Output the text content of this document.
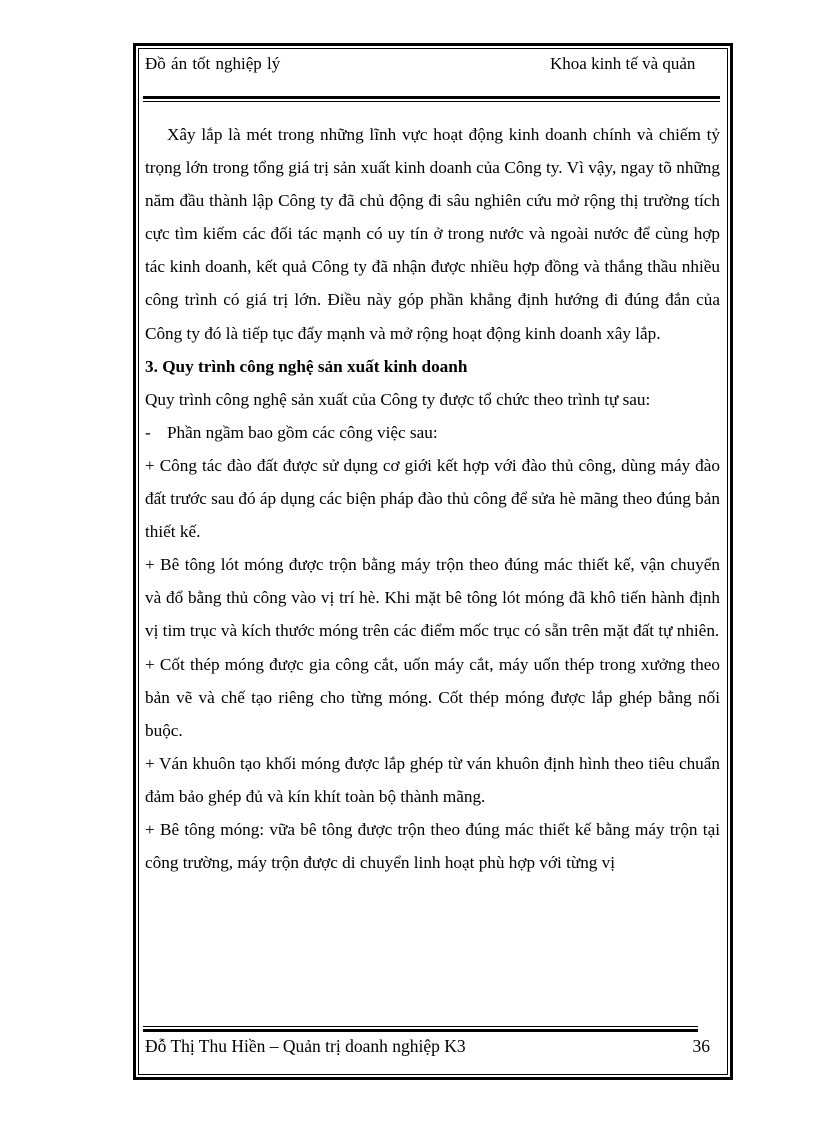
Đồ án tốt nghiệp lý	Khoa kinh tế và quản

Xây lắp là mét trong những lĩnh vực hoạt động kinh doanh chính và chiếm tỷ trọng lớn trong tổng giá trị sản xuất kinh doanh của Công ty. Vì vậy, ngay tõ những năm đầu thành lập Công ty đã chủ động đi sâu nghiên cứu mở rộng thị trường tích cực tìm kiếm các đối tác mạnh có uy tín ở trong nước và ngoài nước để cùng hợp tác kinh doanh, kết quả Công ty đã nhận được nhiều hợp đồng và thắng thầu nhiều công trình có giá trị lớn. Điều này góp phần khẳng định hướng đi đúng đắn của Công ty đó là tiếp tục đẩy mạnh và mở rộng hoạt động kinh doanh xây lắp.

3. Quy trình công nghệ sản xuất kinh doanh

Quy trình công nghệ sản xuất của Công ty được tổ chức theo trình tự sau:

- Phần ngầm bao gồm các công việc sau:

+ Công tác đào đất được sử dụng cơ giới kết hợp với đào thủ công, dùng máy đào đất trước sau đó áp dụng các biện pháp đào thủ công để sửa hè mãng theo đúng bản thiết kế.

+ Bê tông lót móng được trộn bằng máy trộn theo đúng mác thiết kế, vận chuyển và đổ bằng thủ công vào vị trí hè. Khi mặt bê tông lót móng đã khô tiến hành định vị tim trục và kích thước móng trên các điểm mốc trục có sẵn trên mặt đất tự nhiên.

+ Cốt thép móng được gia công cắt, uốn máy cắt, máy uốn thép trong xưởng theo bản vẽ và chế tạo riêng cho từng móng. Cốt thép móng được lắp ghép bằng nối buộc.

+ Ván khuôn tạo khối móng được lắp ghép từ ván khuôn định hình theo tiêu chuẩn đảm bảo ghép đủ và kín khít toàn bộ thành mãng.

+ Bê tông móng: vữa bê tông được trộn theo đúng mác thiết kế bằng máy trộn tại công trường, máy trộn được di chuyển linh hoạt phù hợp với từng vị

Đỗ Thị Thu Hiền – Quản trị doanh nghiệp K3	36
